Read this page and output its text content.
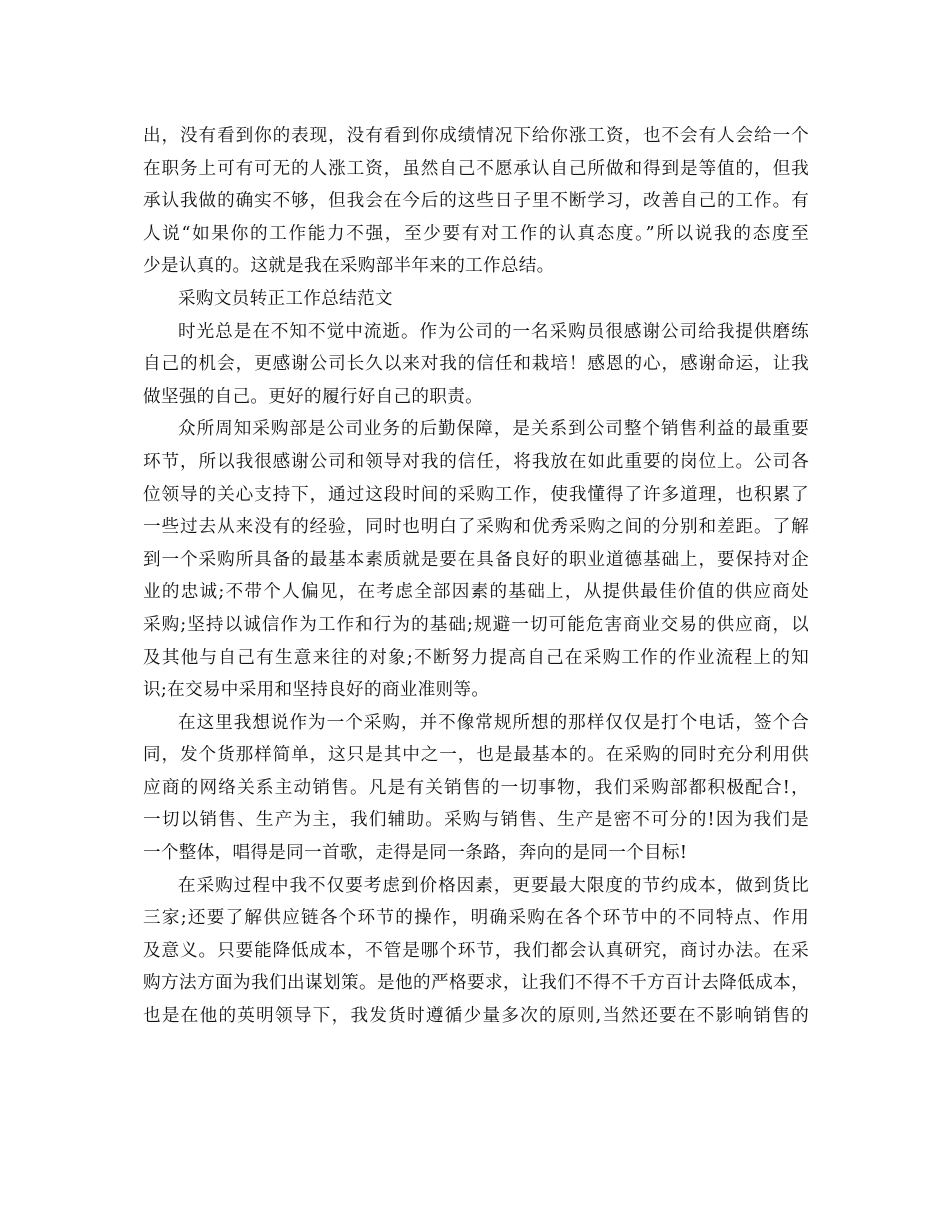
出，没有看到你的表现，没有看到你成绩情况下给你涨工资，也不会有人会给一个
在职务上可有可无的人涨工资，虽然自己不愿承认自己所做和得到是等值的，但我
承认我做的确实不够，但我会在今后的这些日子里不断学习，改善自己的工作。有
人说“如果你的工作能力不强，至少要有对工作的认真态度。”所以说我的态度至
少是认真的。这就是我在采购部半年来的工作总结。
采购文员转正工作总结范文
时光总是在不知不觉中流逝。作为公司的一名采购员很感谢公司给我提供磨练
自己的机会，更感谢公司长久以来对我的信任和栽培！感恩的心，感谢命运，让我
做坚强的自己。更好的履行好自己的职责。
众所周知采购部是公司业务的后勤保障，是关系到公司整个销售利益的最重要
环节，所以我很感谢公司和领导对我的信任，将我放在如此重要的岗位上。公司各
位领导的关心支持下，通过这段时间的采购工作，使我懂得了许多道理，也积累了
一些过去从来没有的经验，同时也明白了采购和优秀采购之间的分别和差距。了解
到一个采购所具备的最基本素质就是要在具备良好的职业道德基础上，要保持对企
业的忠诚;不带个人偏见，在考虑全部因素的基础上，从提供最佳价值的供应商处
采购;坚持以诚信作为工作和行为的基础;规避一切可能危害商业交易的供应商，以
及其他与自己有生意来往的对象;不断努力提高自己在采购工作的作业流程上的知
识;在交易中采用和坚持良好的商业准则等。
在这里我想说作为一个采购，并不像常规所想的那样仅仅是打个电话，签个合
同，发个货那样简单，这只是其中之一，也是最基本的。在采购的同时充分利用供
应商的网络关系主动销售。凡是有关销售的一切事物，我们采购部都积极配合!，
一切以销售、生产为主，我们辅助。采购与销售、生产是密不可分的!因为我们是
一个整体，唱得是同一首歌，走得是同一条路，奔向的是同一个目标!
在采购过程中我不仅要考虑到价格因素，更要最大限度的节约成本，做到货比
三家;还要了解供应链各个环节的操作，明确采购在各个环节中的不同特点、作用
及意义。只要能降低成本，不管是哪个环节，我们都会认真研究，商讨办法。在采
购方法方面为我们出谋划策。是他的严格要求，让我们不得不千方百计去降低成本，
也是在他的英明领导下，我发货时遵循少量多次的原则,当然还要在不影响销售的
